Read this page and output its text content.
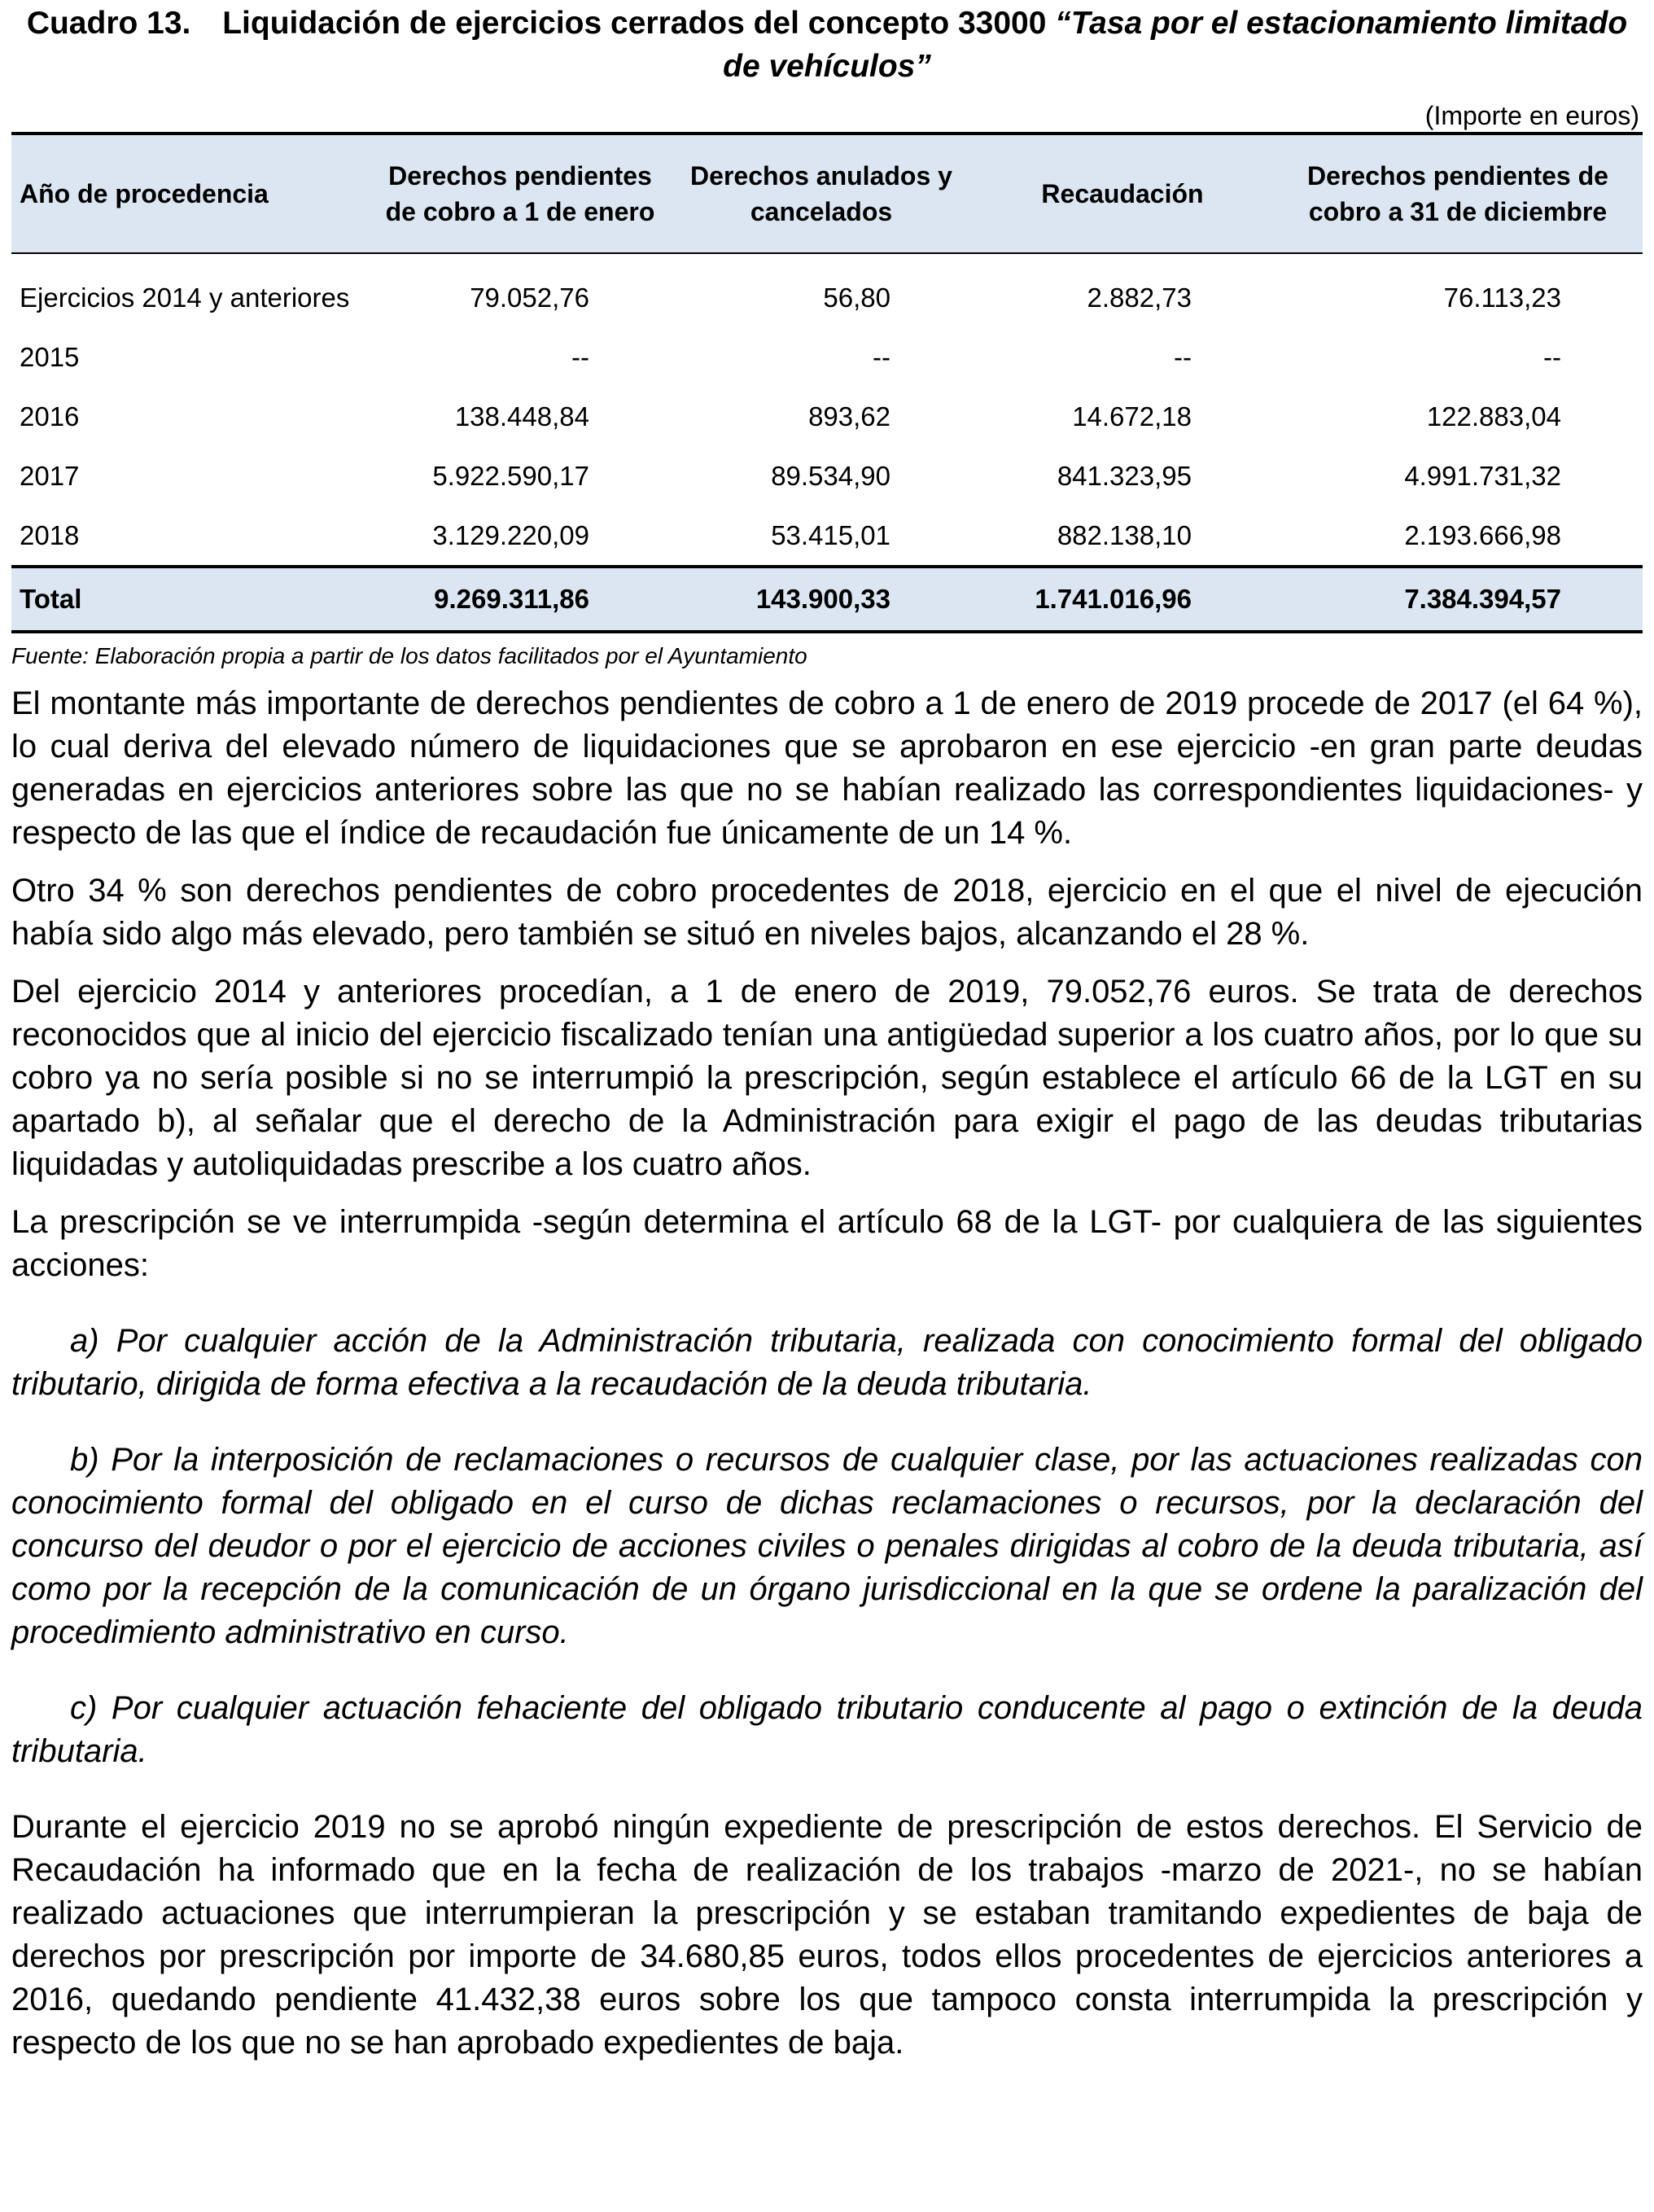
Cuadro 13. Liquidación de ejercicios cerrados del concepto 33000 “Tasa por el estacionamiento limitado de vehículos”
(Importe en euros)
Año de procedencia	Derechos pendientes de cobro a 1 de enero	Derechos anulados y cancelados	Recaudación	Derechos pendientes de cobro a 31 de diciembre
Ejercicios 2014 y anteriores	79.052,76	56,80	2.882,73	76.113,23
2015	--	--	--	--
2016	138.448,84	893,62	14.672,18	122.883,04
2017	5.922.590,17	89.534,90	841.323,95	4.991.731,32
2018	3.129.220,09	53.415,01	882.138,10	2.193.666,98
Total	9.269.311,86	143.900,33	1.741.016,96	7.384.394,57
Fuente: Elaboración propia a partir de los datos facilitados por el Ayuntamiento

El montante más importante de derechos pendientes de cobro a 1 de enero de 2019 procede de 2017 (el 64 %), lo cual deriva del elevado número de liquidaciones que se aprobaron en ese ejercicio -en gran parte deudas generadas en ejercicios anteriores sobre las que no se habían realizado las correspondientes liquidaciones- y respecto de las que el índice de recaudación fue únicamente de un 14 %.

Otro 34 % son derechos pendientes de cobro procedentes de 2018, ejercicio en el que el nivel de ejecución había sido algo más elevado, pero también se situó en niveles bajos, alcanzando el 28 %.

Del ejercicio 2014 y anteriores procedían, a 1 de enero de 2019, 79.052,76 euros. Se trata de derechos reconocidos que al inicio del ejercicio fiscalizado tenían una antigüedad superior a los cuatro años, por lo que su cobro ya no sería posible si no se interrumpió la prescripción, según establece el artículo 66 de la LGT en su apartado b), al señalar que el derecho de la Administración para exigir el pago de las deudas tributarias liquidadas y autoliquidadas prescribe a los cuatro años.

La prescripción se ve interrumpida -según determina el artículo 68 de la LGT- por cualquiera de las siguientes acciones:

a) Por cualquier acción de la Administración tributaria, realizada con conocimiento formal del obligado tributario, dirigida de forma efectiva a la recaudación de la deuda tributaria.

b) Por la interposición de reclamaciones o recursos de cualquier clase, por las actuaciones realizadas con conocimiento formal del obligado en el curso de dichas reclamaciones o recursos, por la declaración del concurso del deudor o por el ejercicio de acciones civiles o penales dirigidas al cobro de la deuda tributaria, así como por la recepción de la comunicación de un órgano jurisdiccional en la que se ordene la paralización del procedimiento administrativo en curso.

c) Por cualquier actuación fehaciente del obligado tributario conducente al pago o extinción de la deuda tributaria.

Durante el ejercicio 2019 no se aprobó ningún expediente de prescripción de estos derechos. El Servicio de Recaudación ha informado que en la fecha de realización de los trabajos -marzo de 2021-, no se habían realizado actuaciones que interrumpieran la prescripción y se estaban tramitando expedientes de baja de derechos por prescripción por importe de 34.680,85 euros, todos ellos procedentes de ejercicios anteriores a 2016, quedando pendiente 41.432,38 euros sobre los que tampoco consta interrumpida la prescripción y respecto de los que no se han aprobado expedientes de baja.
